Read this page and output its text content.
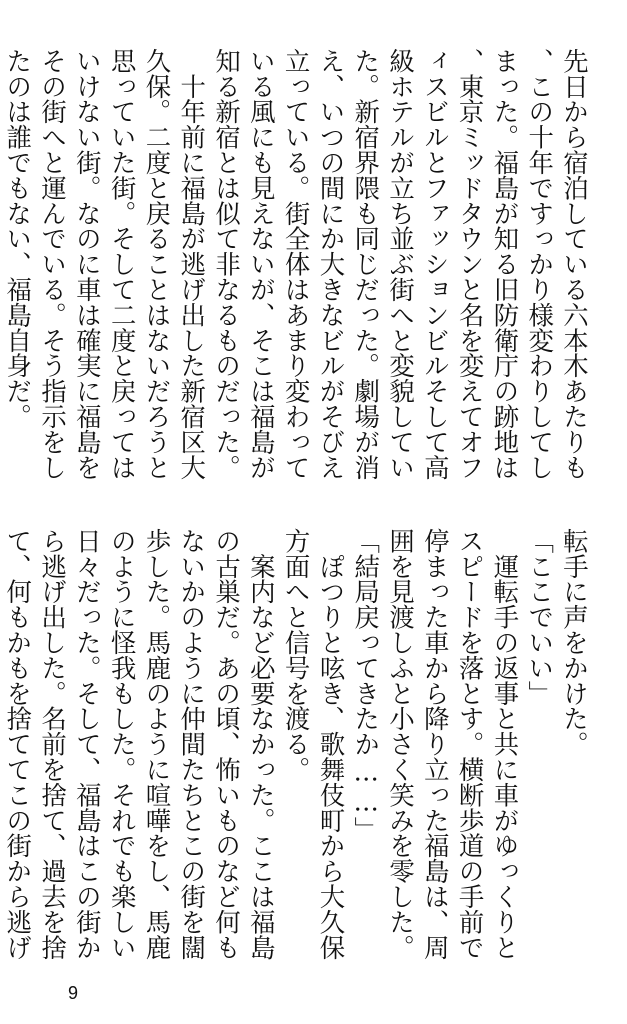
先日から宿泊している六本木あたりも、この十年ですっかり様変わりしてしまった。福島が知る旧防衛庁の跡地は、東京ミッドタウンと名を変えてオフィスビルとファッションビルそして高級ホテルが立ち並ぶ街へと変貌していた。新宿界隈も同じだった。劇場が消え、いつの間にか大きなビルがそびえ立っている。街全体はあまり変わっている風にも見えないが、そこは福島が知る新宿とは似て非なるものだった。

　十年前に福島が逃げ出した新宿区大久保。二度と戻ることはないだろうと思っていた街。そして二度と戻ってはいけない街。なのに車は確実に福島をその街へと運んでいる。そう指示をしたのは誰でもない、福島自身だ。

転手に声をかけた。

「ここでいい」

　運転手の返事と共に車がゆっくりとスピードを落とす。横断歩道の手前で停まった車から降り立った福島は、周囲を見渡しふと小さく笑みを零した。

「結局戻ってきたか……」

　ぽつりと呟き、歌舞伎町から大久保方面へと信号を渡る。

　案内など必要なかった。ここは福島の古巣だ。あの頃、怖いものなど何もないかのように仲間たちとこの街を闊歩した。馬鹿のように喧嘩をし、馬鹿のように怪我もした。それでも楽しい日々だった。そして、福島はこの街から逃げ出した。名前を捨て、過去を捨て、何もかもを捨ててこの街から逃げ

9
